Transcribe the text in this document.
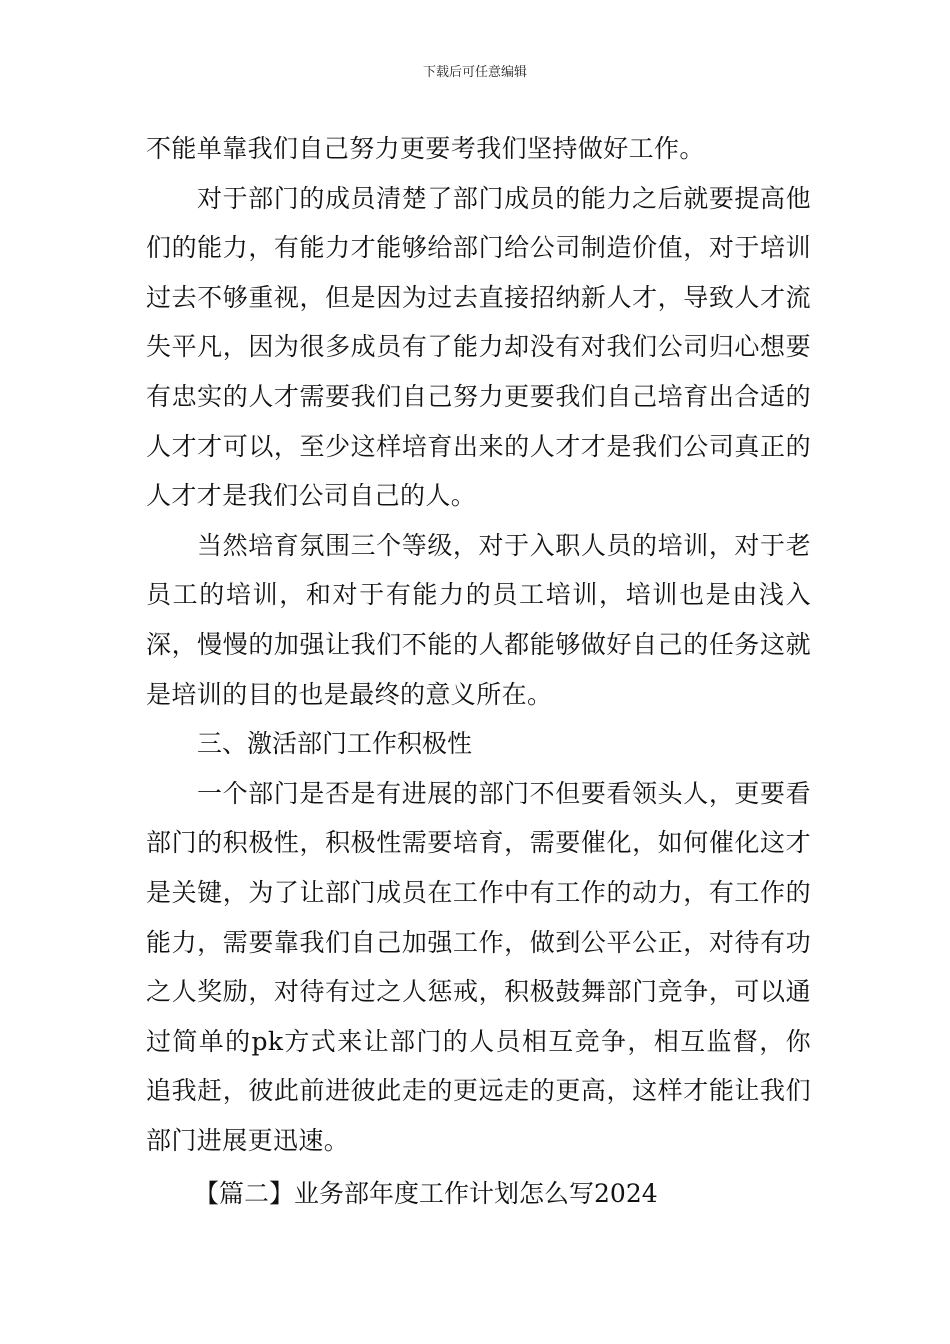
下载后可任意编辑

不能单靠我们自己努力更要考我们坚持做好工作。

对于部门的成员清楚了部门成员的能力之后就要提高他们的能力，有能力才能够给部门给公司制造价值，对于培训过去不够重视，但是因为过去直接招纳新人才，导致人才流失平凡，因为很多成员有了能力却没有对我们公司归心想要有忠实的人才需要我们自己努力更要我们自己培育出合适的人才才可以，至少这样培育出来的人才才是我们公司真正的人才才是我们公司自己的人。

当然培育氛围三个等级，对于入职人员的培训，对于老员工的培训，和对于有能力的员工培训，培训也是由浅入深，慢慢的加强让我们不能的人都能够做好自己的任务这就是培训的目的也是最终的意义所在。

三、激活部门工作积极性

一个部门是否是有进展的部门不但要看领头人，更要看部门的积极性，积极性需要培育，需要催化，如何催化这才是关键，为了让部门成员在工作中有工作的动力，有工作的能力，需要靠我们自己加强工作，做到公平公正，对待有功之人奖励，对待有过之人惩戒，积极鼓舞部门竞争，可以通过简单的pk方式来让部门的人员相互竞争，相互监督，你追我赶，彼此前进彼此走的更远走的更高，这样才能让我们部门进展更迅速。

【篇二】业务部年度工作计划怎么写2024
